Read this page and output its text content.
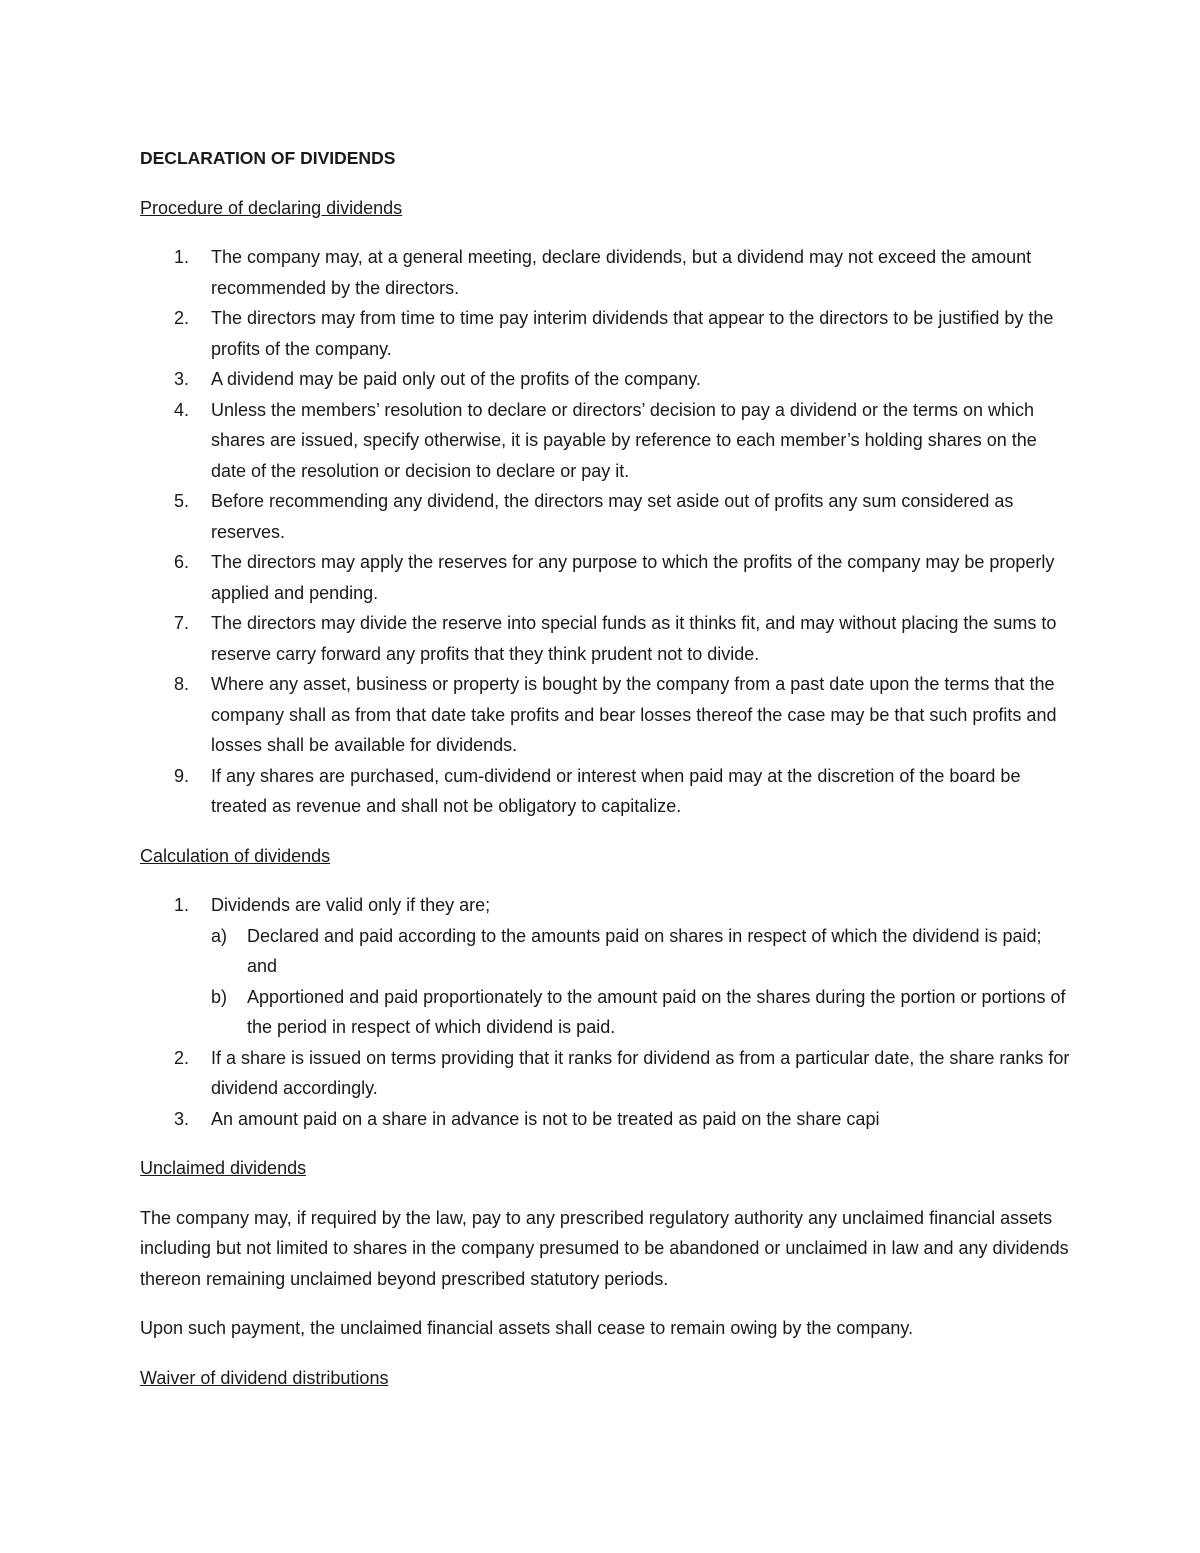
DECLARATION OF DIVIDENDS
Procedure of declaring dividends
1. The company may, at a general meeting, declare dividends, but a dividend may not exceed the amount recommended by the directors.
2. The directors may from time to time pay interim dividends that appear to the directors to be justified by the profits of the company.
3. A dividend may be paid only out of the profits of the company.
4. Unless the members’ resolution to declare or directors’ decision to pay a dividend or the terms on which shares are issued, specify otherwise, it is payable by reference to each member’s holding shares on the date of the resolution or decision to declare or pay it.
5. Before recommending any dividend, the directors may set aside out of profits any sum considered as reserves.
6. The directors may apply the reserves for any purpose to which the profits of the company may be properly applied and pending.
7. The directors may divide the reserve into special funds as it thinks fit, and may without placing the sums to reserve carry forward any profits that they think prudent not to divide.
8. Where any asset, business or property is bought by the company from a past date upon the terms that the company shall as from that date take profits and bear losses thereof the case may be that such profits and losses shall be available for dividends.
9. If any shares are purchased, cum-dividend or interest when paid may at the discretion of the board be treated as revenue and shall not be obligatory to capitalize.
Calculation of dividends
1. Dividends are valid only if they are;
a) Declared and paid according to the amounts paid on shares in respect of which the dividend is paid; and
b) Apportioned and paid proportionately to the amount paid on the shares during the portion or portions of the period in respect of which dividend is paid.
2. If a share is issued on terms providing that it ranks for dividend as from a particular date, the share ranks for dividend accordingly.
3. An amount paid on a share in advance is not to be treated as paid on the share capi
Unclaimed dividends

The company may, if required by the law, pay to any prescribed regulatory authority any unclaimed financial assets including but not limited to shares in the company presumed to be abandoned or unclaimed in law and any dividends thereon remaining unclaimed beyond prescribed statutory periods.

Upon such payment, the unclaimed financial assets shall cease to remain owing by the company.

Waiver of dividend distributions
